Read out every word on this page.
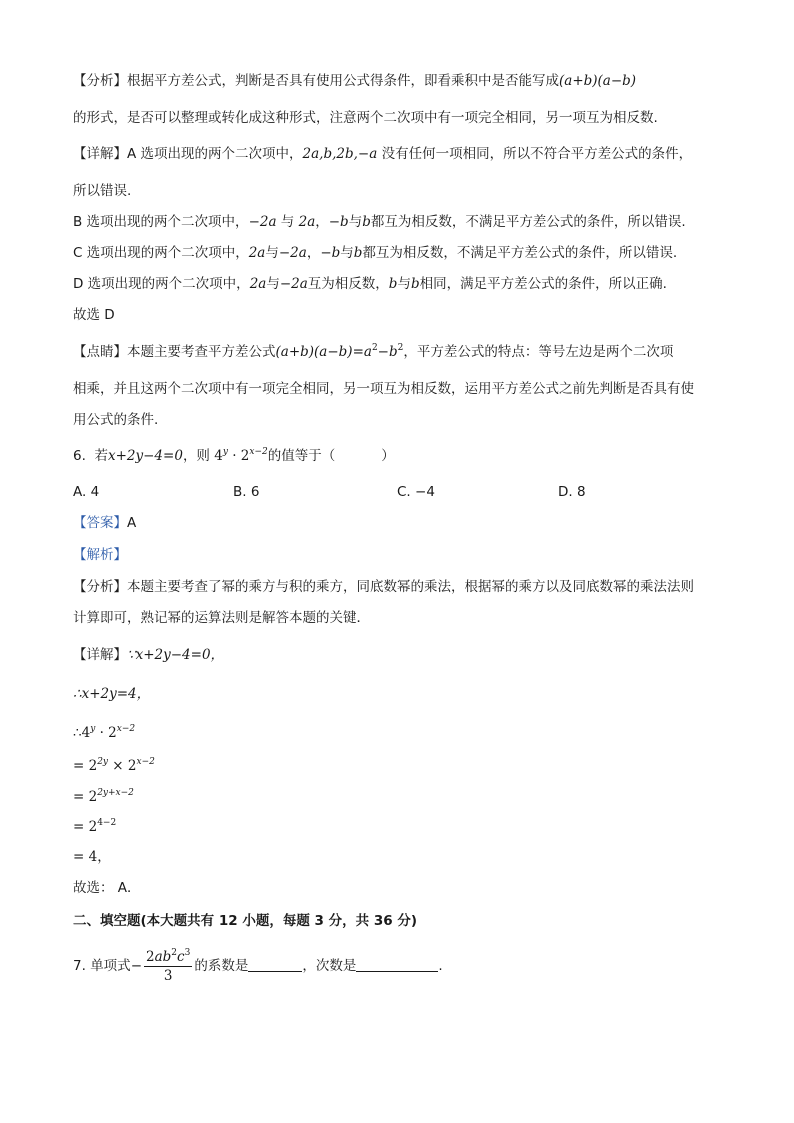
【分析】根据平方差公式，判断是否具有使用公式得条件，即看乘积中是否能写成(a+b)(a−b)
的形式，是否可以整理或转化成这种形式，注意两个二次项中有一项完全相同，另一项互为相反数.
【详解】A 选项出现的两个二次项中，2a,b,2b,−a 没有任何一项相同，所以不符合平方差公式的条件，
所以错误.
B 选项出现的两个二次项中，−2a 与 2a，−b与b都互为相反数，不满足平方差公式的条件，所以错误.
C 选项出现的两个二次项中，2a与−2a，−b与b都互为相反数，不满足平方差公式的条件，所以错误.
D 选项出现的两个二次项中，2a与−2a互为相反数，b与b相同，满足平方差公式的条件，所以正确.
故选 D
【点睛】本题主要考查平方差公式$(a+b)(a-b)=a^2-b^2$，平方差公式的特点：等号左边是两个二次项
相乘，并且这两个二次项中有一项完全相同，另一项互为相反数，运用平方差公式之前先判断是否具有使
用公式的条件.
6. 若x+2y−4=0，则 $4^y \cdot 2^{x-2}$的值等于（	）
A. 4	B. 6	C. −4	D. 8
【答案】A
【解析】
【分析】本题主要考查了幂的乘方与积的乘方，同底数幂的乘法，根据幂的乘方以及同底数幂的乘法法则
计算即可，熟记幂的运算法则是解答本题的关键．
【详解】∵x+2y−4=0，
∴x+2y=4，
$\therefore 4^y \cdot 2^{x-2}$
= $2^{2y} \times 2^{x-2}$
= $2^{2y+x-2}$
= $2^{4-2}$
= 4，
故选： A．
二、填空题(本大题共有 12 小题，每题 3 分，共 36 分)
7. 单项式− $\frac{2ab^2c^3}{3}$ 的系数是	，次数是	.
